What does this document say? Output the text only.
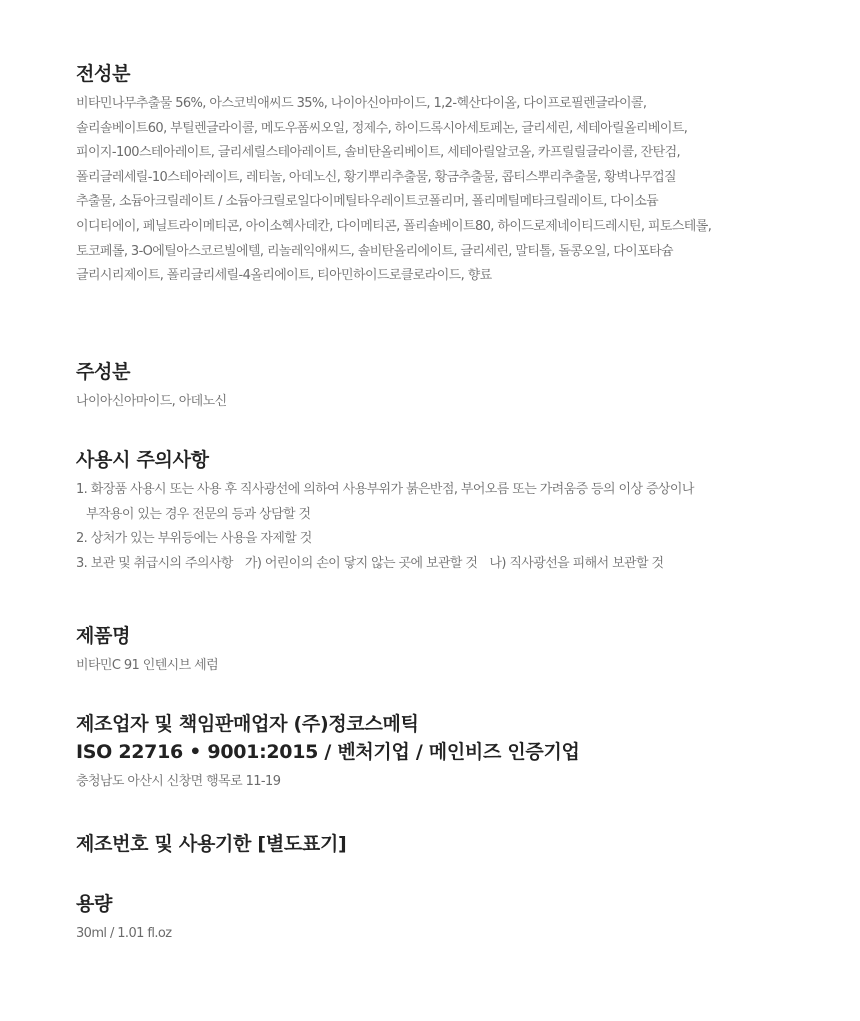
전성분

비타민나무추출물 56%, 아스코빅애씨드 35%, 나이아신아마이드, 1,2-헥산다이올, 다이프로필렌글라이콜,
솔리솔베이트60, 부틸렌글라이콜, 메도우폼씨오일, 정제수, 하이드록시아세토페논, 글리세린, 세테아릴올리베이트,
피이지-100스테아레이트, 글리세릴스테아레이트, 솔비탄올리베이트, 세테아릴알코올, 카프릴릴글라이콜, 잔탄검,
폴리글레세릴-10스테아레이트, 레티놀, 아데노신, 황기뿌리추출물, 황금추출물, 콥티스뿌리추출물, 황벽나무껍질
추출물, 소듐아크릴레이트 / 소듐아크릴로일다이메틸타우레이트코폴리머, 폴리메틸메타크릴레이트, 다이소듐
이디티에이, 페닐트라이메티콘, 아이소헥사데칸, 다이메티콘, 폴리솔베이트80, 하이드로제네이티드레시틴, 피토스테롤,
토코페롤, 3-O에틸아스코르빌에텔, 리놀레익애씨드, 솔비탄올리에이트, 글리세린, 말티톨, 돌콩오일, 다이포타슘
글리시리제이트, 폴리글리세릴-4올리에이트, 티아민하이드로클로라이드, 향료

주성분

나이아신아마이드, 아데노신

사용시 주의사항

1. 화장품 사용시 또는 사용 후 직사광선에 의하여 사용부위가 붉은반점, 부어오름 또는 가려움증 등의 이상 증상이나
부작용이 있는 경우 전문의 등과 상담할 것
2. 상처가 있는 부위등에는 사용을 자제할 것
3. 보관 및 취급시의 주의사항 가) 어린이의 손이 닿지 않는 곳에 보관할 것 나) 직사광선을 피해서 보관할 것

제품명

비타민C 91 인텐시브 세럼

제조업자 및 책임판매업자 (주)정코스메틱
ISO 22716 • 9001:2015 / 벤처기업 / 메인비즈 인증기업

충청남도 아산시 신창면 행목로 11-19

제조번호 및 사용기한 [별도표기]
용량

30ml / 1.01 fl.oz
